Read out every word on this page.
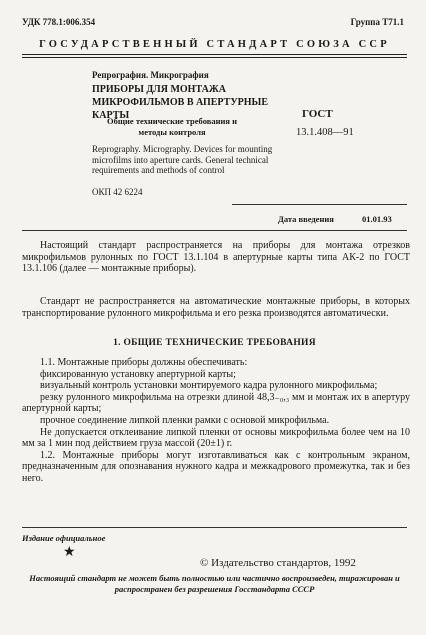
УДК 778.1:006.354	Группа Т71.1
ГОСУДАРСТВЕННЫЙ СТАНДАРТ СОЮЗА ССР
Репрография. Микрография
ПРИБОРЫ ДЛЯ МОНТАЖА МИКРОФИЛЬМОВ В АПЕРТУРНЫЕ КАРТЫ
Общие технические требования и методы контроля
ГОСТ
13.1.408—91
Reprography. Micrography. Devices for mounting microfilms into aperture cards. General technical requirements and methods of control
ОКП 42 6224
Дата введения	01.01.93

Настоящий стандарт распространяется на приборы для монтажа отрезков микрофильмов рулонных по ГОСТ 13.1.104 в апертурные карты типа АК-2 по ГОСТ 13.1.106 (далее — монтажные приборы).

Стандарт не распространяется на автоматические монтажные приборы, в которых транспортирование рулонного микрофильма и его резка производятся автоматически.

1. ОБЩИЕ ТЕХНИЧЕСКИЕ ТРЕБОВАНИЯ

1.1. Монтажные приборы должны обеспечивать:

фиксированную установку апертурной карты;

визуальный контроль установки монтируемого кадра рулонного микрофильма;

резку рулонного микрофильма на отрезки длиной 48,3₋₀,₃ мм и монтаж их в апертуру апертурной карты;

прочное соединение липкой пленки рамки с основой микрофильма.

Не допускается отклеивание липкой пленки от основы микрофильма более чем на 10 мм за 1 мин под действием груза массой (20±1) г.

1.2. Монтажные приборы могут изготавливаться как с контрольным экраном, предназначенным для опознавания нужного кадра и межкадрового промежутка, так и без него.

Издание официальное
★
© Издательство стандартов, 1992
Настоящий стандарт не может быть полностью или частично воспроизведен, тиражирован и распространен без разрешения Госстандарта СССР
